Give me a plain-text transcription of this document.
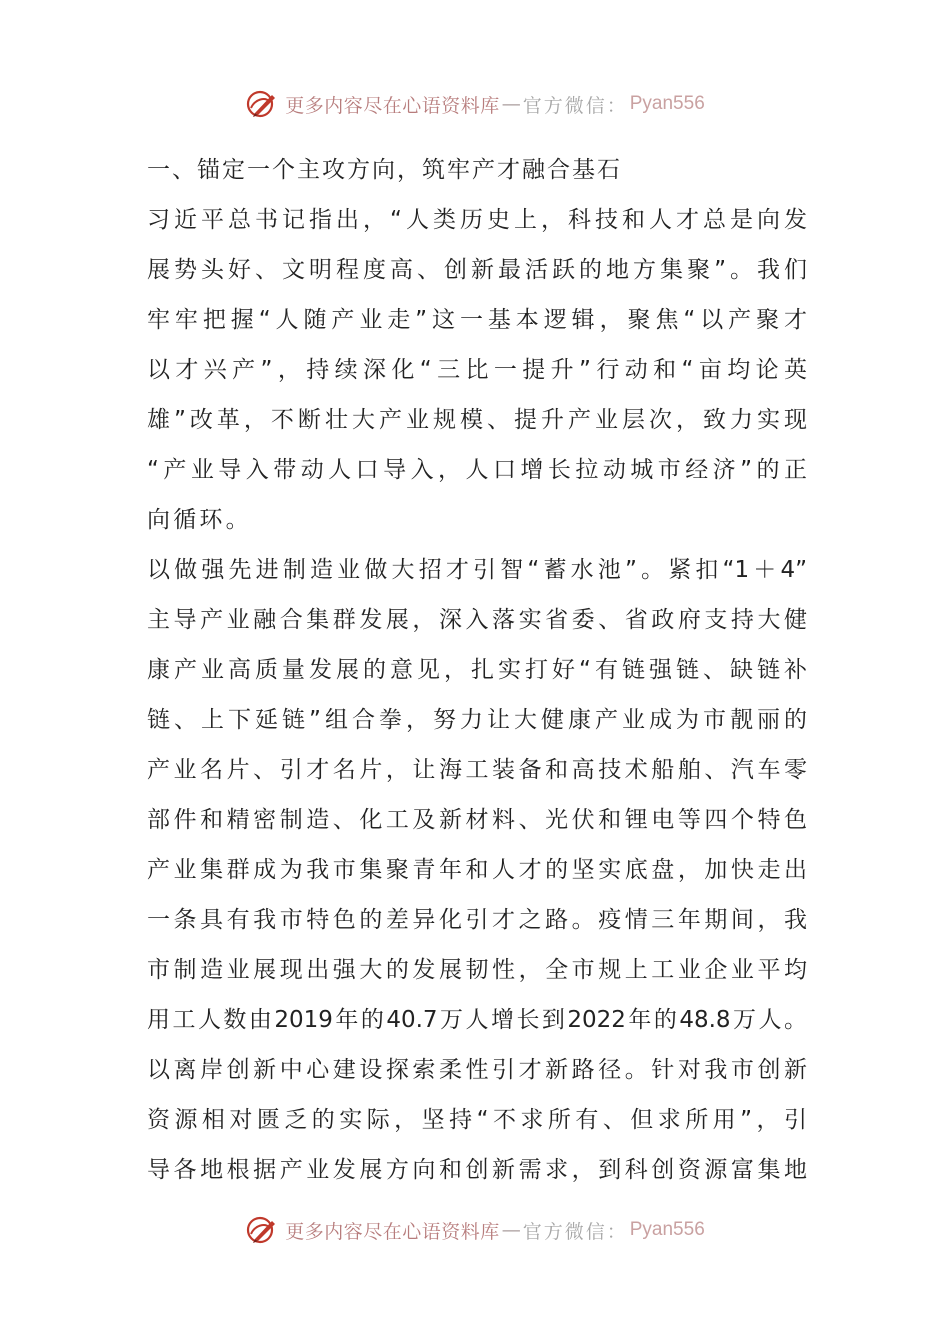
更多内容尽在心语资料库 — 官方微信： Pyan556
一、锚定一个主攻方向，筑牢产才融合基石
习近平总书记指出，“人类历史上，科技和人才总是向发
展势头好、文明程度高、创新最活跃的地方集聚”。我们
牢牢把握“人随产业走”这一基本逻辑，聚焦“以产聚才
以才兴产”，持续深化“三比一提升”行动和“亩均论英
雄”改革，不断壮大产业规模、提升产业层次，致力实现
“产业导入带动人口导入，人口增长拉动城市经济”的正
向循环。
以做强先进制造业做大招才引智“蓄水池”。紧扣“1＋4”
主导产业融合集群发展，深入落实省委、省政府支持大健
康产业高质量发展的意见，扎实打好“有链强链、缺链补
链、上下延链”组合拳，努力让大健康产业成为市靓丽的
产业名片、引才名片，让海工装备和高技术船舶、汽车零
部件和精密制造、化工及新材料、光伏和锂电等四个特色
产业集群成为我市集聚青年和人才的坚实底盘，加快走出
一条具有我市特色的差异化引才之路。疫情三年期间，我
市制造业展现出强大的发展韧性，全市规上工业企业平均
用工人数由2019年的40.7万人增长到2022年的48.8万人。
以离岸创新中心建设探索柔性引才新路径。针对我市创新
资源相对匮乏的实际，坚持“不求所有、但求所用”，引
导各地根据产业发展方向和创新需求，到科创资源富集地
更多内容尽在心语资料库 — 官方微信： Pyan556
